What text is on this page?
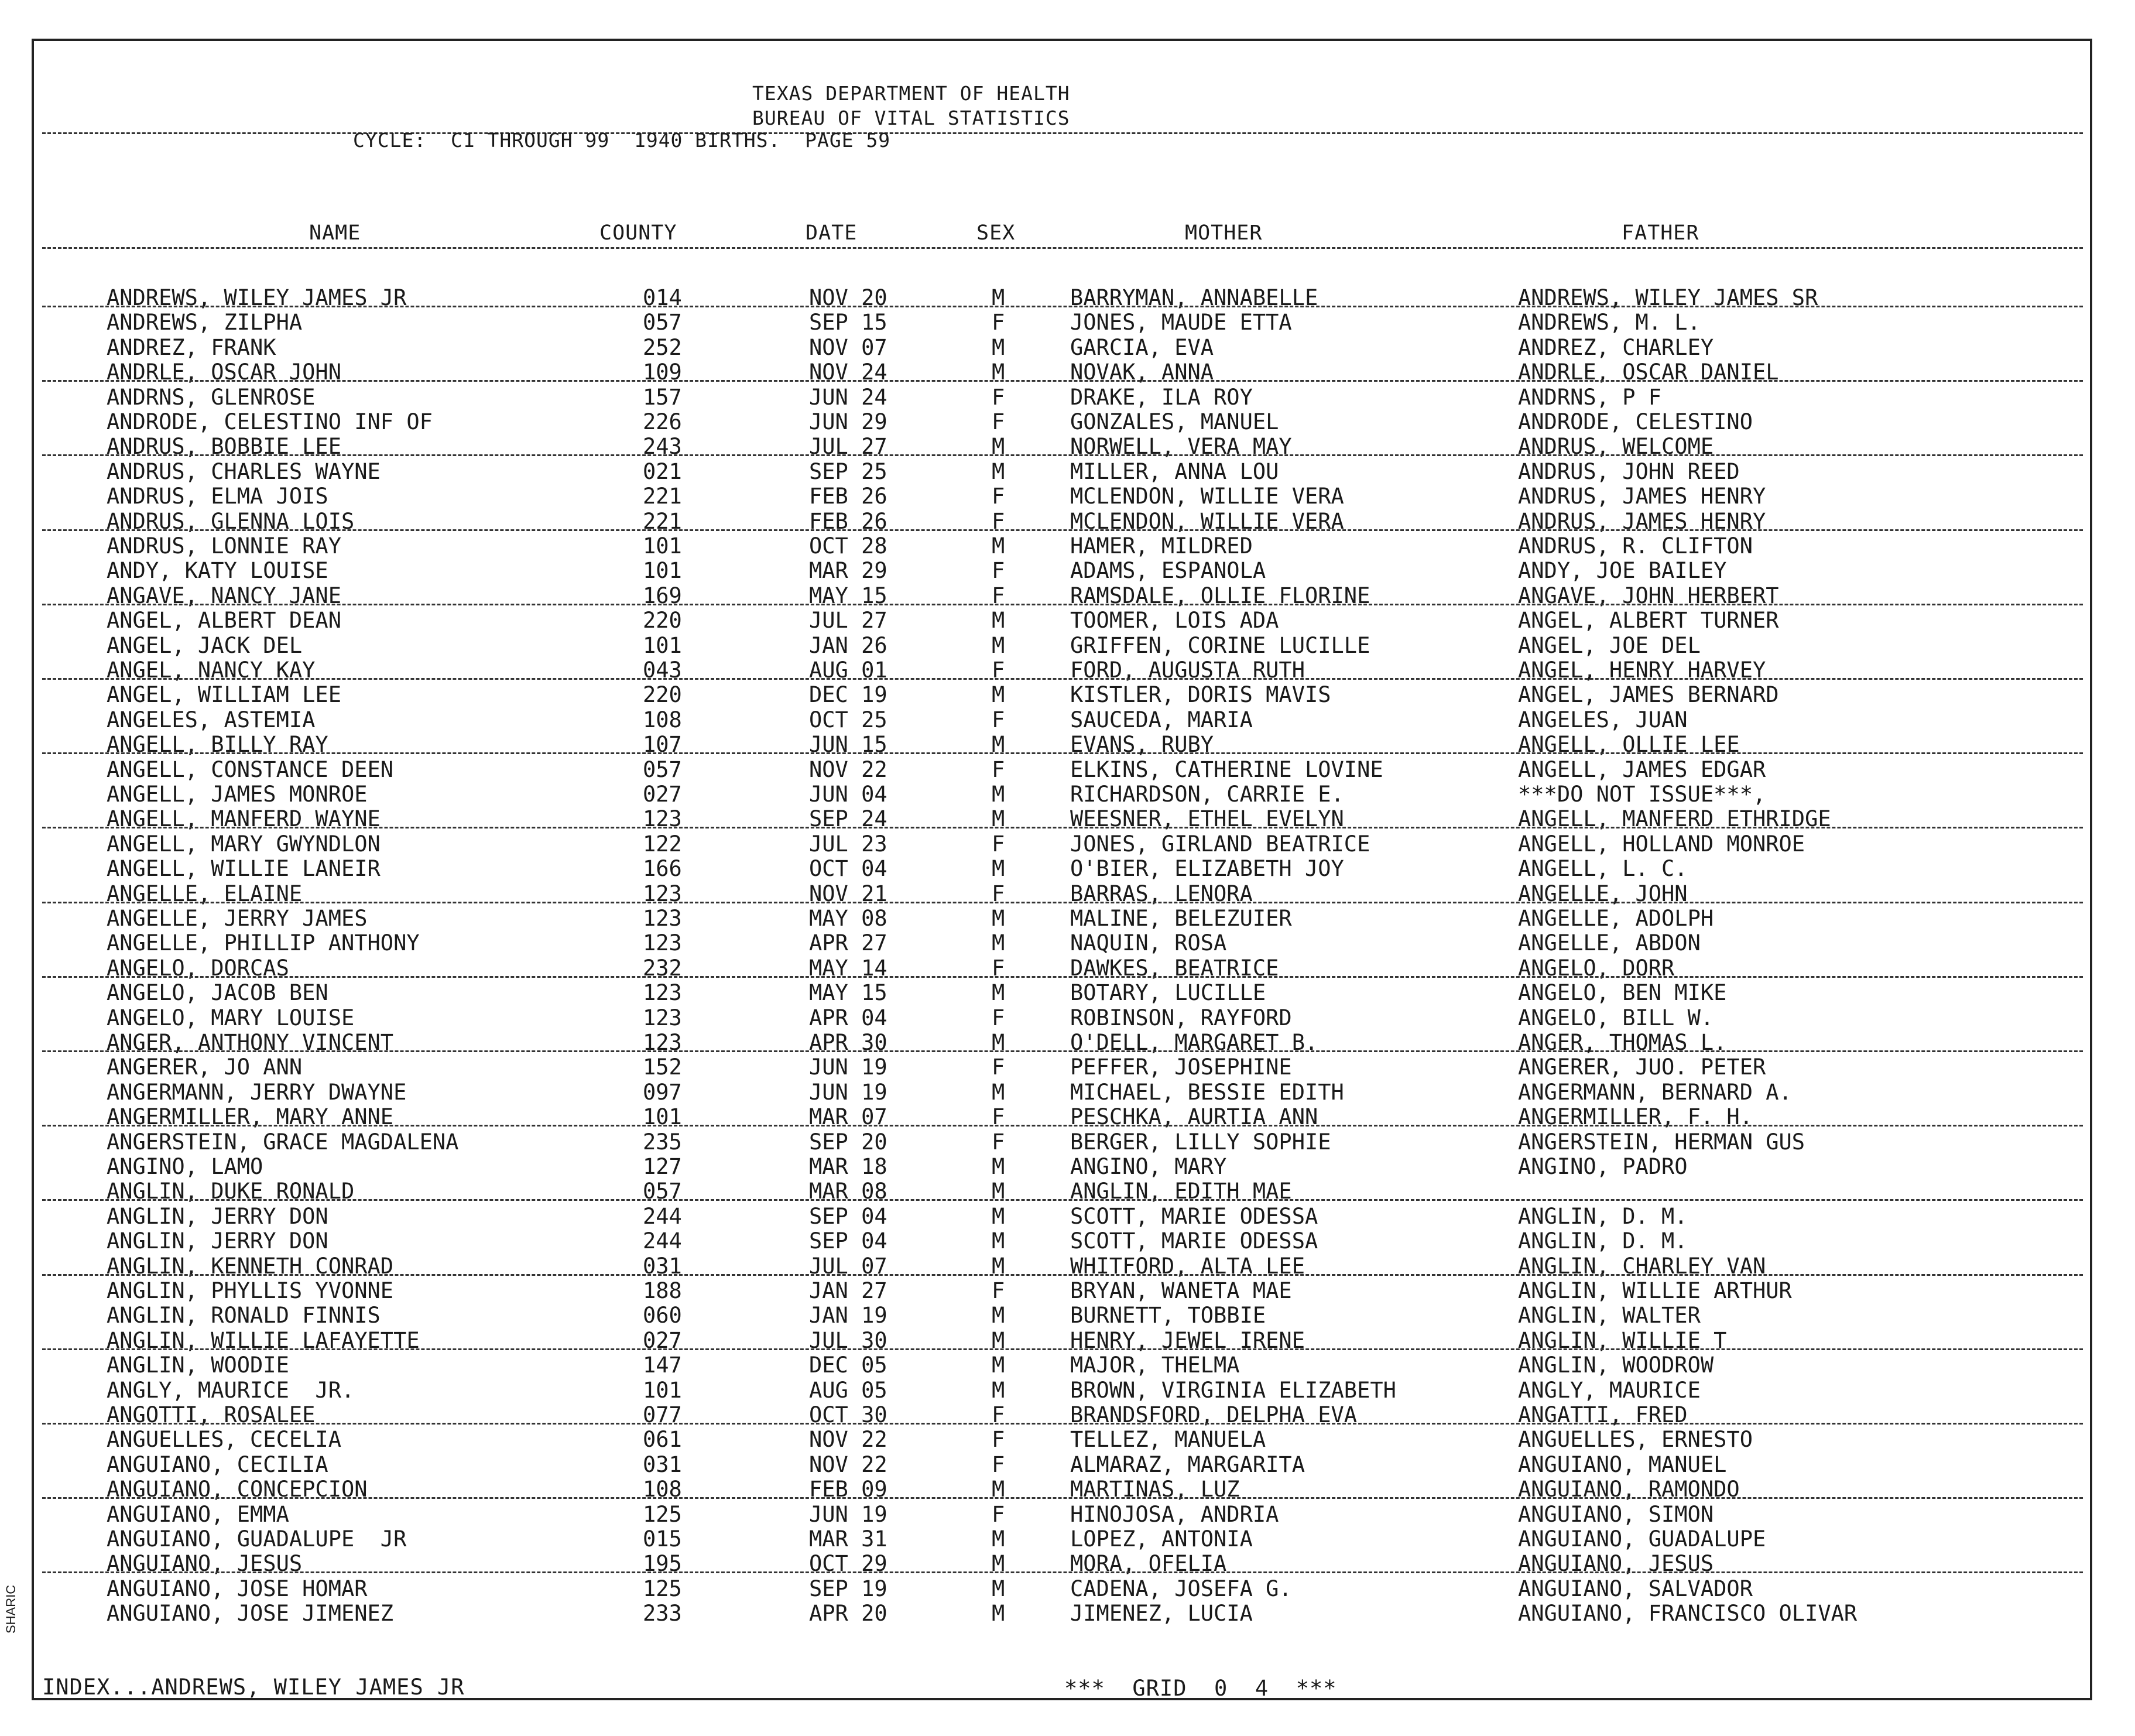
TEXAS DEPARTMENT OF HEALTH
BUREAU OF VITAL STATISTICS
CYCLE:  C1 THROUGH 99  1940 BIRTHS.  PAGE 59
NAME	COUNTY	DATE	SEX	MOTHER	FATHER
ANDREWS, WILEY JAMES JR	014	NOV 20	M	BARRYMAN, ANNABELLE	ANDREWS, WILEY JAMES SR
ANDREWS, ZILPHA	057	SEP 15	F	JONES, MAUDE ETTA	ANDREWS, M. L.
ANDREZ, FRANK	252	NOV 07	M	GARCIA, EVA	ANDREZ, CHARLEY
ANDRLE, OSCAR JOHN	109	NOV 24	M	NOVAK, ANNA	ANDRLE, OSCAR DANIEL
ANDRNS, GLENROSE	157	JUN 24	F	DRAKE, ILA ROY	ANDRNS, P F
ANDRODE, CELESTINO INF OF	226	JUN 29	F	GONZALES, MANUEL	ANDRODE, CELESTINO
ANDRUS, BOBBIE LEE	243	JUL 27	M	NORWELL, VERA MAY	ANDRUS, WELCOME
ANDRUS, CHARLES WAYNE	021	SEP 25	M	MILLER, ANNA LOU	ANDRUS, JOHN REED
ANDRUS, ELMA JOIS	221	FEB 26	F	MCLENDON, WILLIE VERA	ANDRUS, JAMES HENRY
ANDRUS, GLENNA LOIS	221	FEB 26	F	MCLENDON, WILLIE VERA	ANDRUS, JAMES HENRY
ANDRUS, LONNIE RAY	101	OCT 28	M	HAMER, MILDRED	ANDRUS, R. CLIFTON
ANDY, KATY LOUISE	101	MAR 29	F	ADAMS, ESPANOLA	ANDY, JOE BAILEY
ANGAVE, NANCY JANE	169	MAY 15	F	RAMSDALE, OLLIE FLORINE	ANGAVE, JOHN HERBERT
ANGEL, ALBERT DEAN	220	JUL 27	M	TOOMER, LOIS ADA	ANGEL, ALBERT TURNER
ANGEL, JACK DEL	101	JAN 26	M	GRIFFEN, CORINE LUCILLE	ANGEL, JOE DEL
ANGEL, NANCY KAY	043	AUG 01	F	FORD, AUGUSTA RUTH	ANGEL, HENRY HARVEY
ANGEL, WILLIAM LEE	220	DEC 19	M	KISTLER, DORIS MAVIS	ANGEL, JAMES BERNARD
ANGELES, ASTEMIA	108	OCT 25	F	SAUCEDA, MARIA	ANGELES, JUAN
ANGELL, BILLY RAY	107	JUN 15	M	EVANS, RUBY	ANGELL, OLLIE LEE
ANGELL, CONSTANCE DEEN	057	NOV 22	F	ELKINS, CATHERINE LOVINE	ANGELL, JAMES EDGAR
ANGELL, JAMES MONROE	027	JUN 04	M	RICHARDSON, CARRIE E.	***DO NOT ISSUE***,
ANGELL, MANFERD WAYNE	123	SEP 24	M	WEESNER, ETHEL EVELYN	ANGELL, MANFERD ETHRIDGE
ANGELL, MARY GWYNDLON	122	JUL 23	F	JONES, GIRLAND BEATRICE	ANGELL, HOLLAND MONROE
ANGELL, WILLIE LANEIR	166	OCT 04	M	O'BIER, ELIZABETH JOY	ANGELL, L. C.
ANGELLE, ELAINE	123	NOV 21	F	BARRAS, LENORA	ANGELLE, JOHN
ANGELLE, JERRY JAMES	123	MAY 08	M	MALINE, BELEZUIER	ANGELLE, ADOLPH
ANGELLE, PHILLIP ANTHONY	123	APR 27	M	NAQUIN, ROSA	ANGELLE, ABDON
ANGELO, DORCAS	232	MAY 14	F	DAWKES, BEATRICE	ANGELO, DORR
ANGELO, JACOB BEN	123	MAY 15	M	BOTARY, LUCILLE	ANGELO, BEN MIKE
ANGELO, MARY LOUISE	123	APR 04	F	ROBINSON, RAYFORD	ANGELO, BILL W.
ANGER, ANTHONY VINCENT	123	APR 30	M	O'DELL, MARGARET B.	ANGER, THOMAS L.
ANGERER, JO ANN	152	JUN 19	F	PEFFER, JOSEPHINE	ANGERER, JUO. PETER
ANGERMANN, JERRY DWAYNE	097	JUN 19	M	MICHAEL, BESSIE EDITH	ANGERMANN, BERNARD A.
ANGERMILLER, MARY ANNE	101	MAR 07	F	PESCHKA, AURTIA ANN	ANGERMILLER, F. H.
ANGERSTEIN, GRACE MAGDALENA	235	SEP 20	F	BERGER, LILLY SOPHIE	ANGERSTEIN, HERMAN GUS
ANGINO, LAMO	127	MAR 18	M	ANGINO, MARY	ANGINO, PADRO
ANGLIN, DUKE RONALD	057	MAR 08	M	ANGLIN, EDITH MAE
ANGLIN, JERRY DON	244	SEP 04	M	SCOTT, MARIE ODESSA	ANGLIN, D. M.
ANGLIN, JERRY DON	244	SEP 04	M	SCOTT, MARIE ODESSA	ANGLIN, D. M.
ANGLIN, KENNETH CONRAD	031	JUL 07	M	WHITFORD, ALTA LEE	ANGLIN, CHARLEY VAN
ANGLIN, PHYLLIS YVONNE	188	JAN 27	F	BRYAN, WANETA MAE	ANGLIN, WILLIE ARTHUR
ANGLIN, RONALD FINNIS	060	JAN 19	M	BURNETT, TOBBIE	ANGLIN, WALTER
ANGLIN, WILLIE LAFAYETTE	027	JUL 30	M	HENRY, JEWEL IRENE	ANGLIN, WILLIE T
ANGLIN, WOODIE	147	DEC 05	M	MAJOR, THELMA	ANGLIN, WOODROW
ANGLY, MAURICE  JR.	101	AUG 05	M	BROWN, VIRGINIA ELIZABETH	ANGLY, MAURICE
ANGOTTI, ROSALEE	077	OCT 30	F	BRANDSFORD, DELPHA EVA	ANGATTI, FRED
ANGUELLES, CECELIA	061	NOV 22	F	TELLEZ, MANUELA	ANGUELLES, ERNESTO
ANGUIANO, CECILIA	031	NOV 22	F	ALMARAZ, MARGARITA	ANGUIANO, MANUEL
ANGUIANO, CONCEPCION	108	FEB 09	M	MARTINAS, LUZ	ANGUIANO, RAMONDO
ANGUIANO, EMMA	125	JUN 19	F	HINOJOSA, ANDRIA	ANGUIANO, SIMON
ANGUIANO, GUADALUPE  JR	015	MAR 31	M	LOPEZ, ANTONIA	ANGUIANO, GUADALUPE
ANGUIANO, JESUS	195	OCT 29	M	MORA, OFELIA	ANGUIANO, JESUS
ANGUIANO, JOSE HOMAR	125	SEP 19	M	CADENA, JOSEFA G.	ANGUIANO, SALVADOR
ANGUIANO, JOSE JIMENEZ	233	APR 20	M	JIMENEZ, LUCIA	ANGUIANO, FRANCISCO OLIVAR
INDEX...ANDREWS, WILEY JAMES JR	***  GRID  0  4  ***
SHARIC
